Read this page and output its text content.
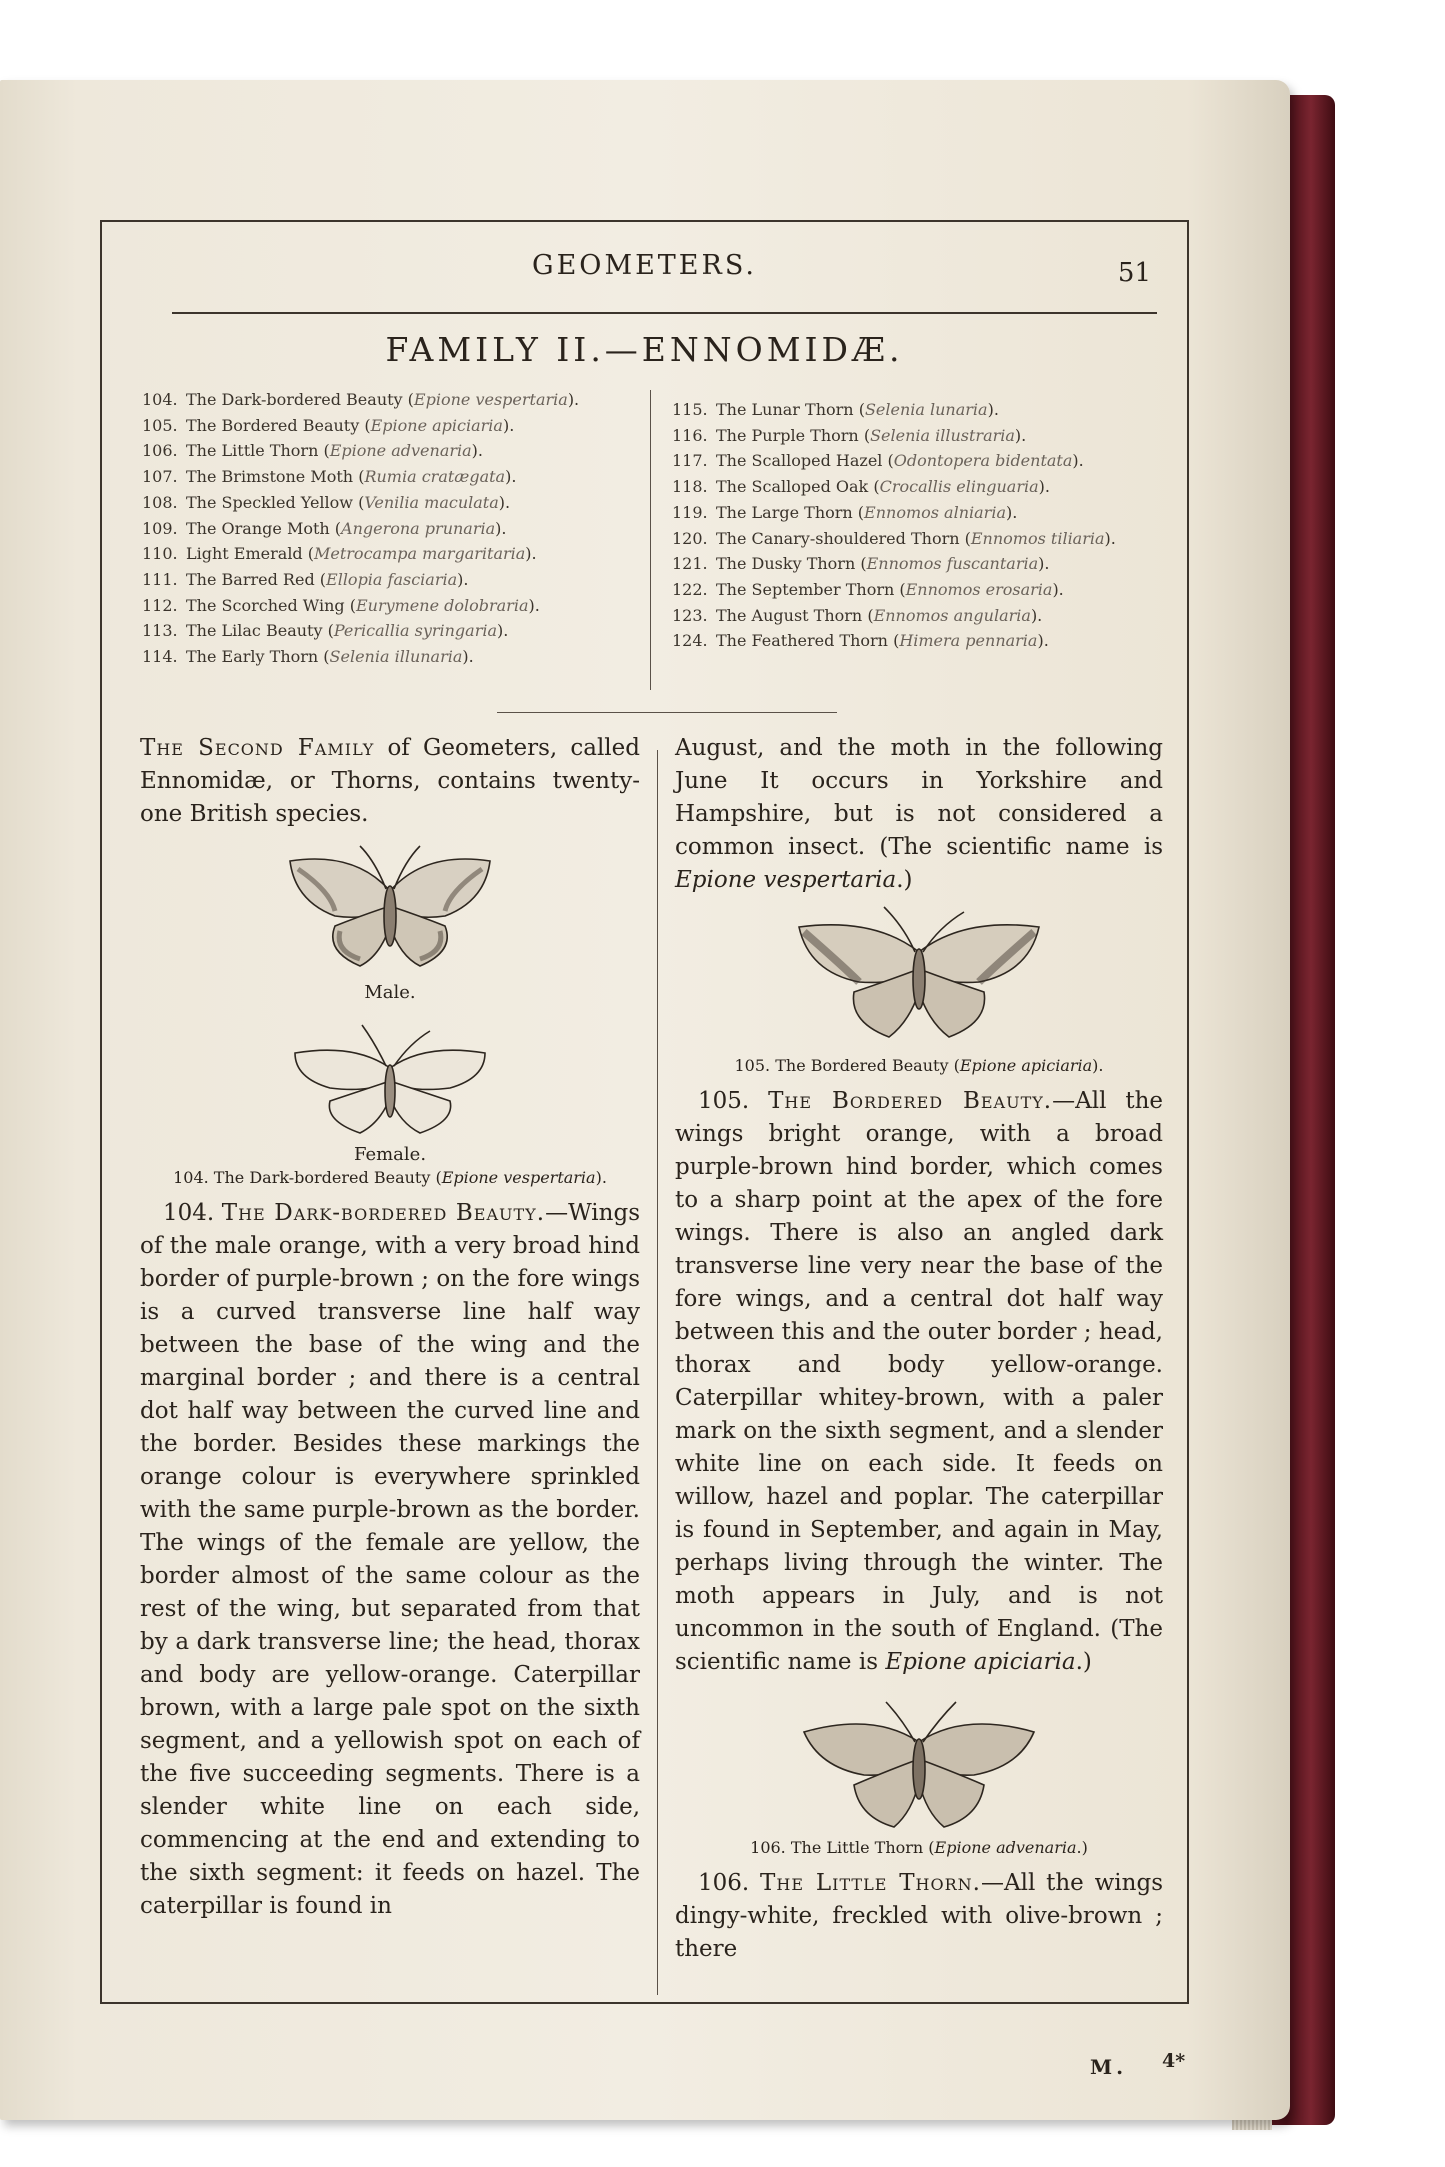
GEOMETERS.	51
FAMILY II.—ENNOMIDÆ.
104. The Dark-bordered Beauty (Epione vespertaria).
105. The Bordered Beauty (Epione apiciaria).
106. The Little Thorn (Epione advenaria).
107. The Brimstone Moth (Rumia cratægata).
108. The Speckled Yellow (Venilia maculata).
109. The Orange Moth (Angerona prunaria).
110. Light Emerald (Metrocampa margaritaria).
111. The Barred Red (Ellopia fasciaria).
112. The Scorched Wing (Eurymene dolobraria).
113. The Lilac Beauty (Pericallia syringaria).
114. The Early Thorn (Selenia illunaria).
115. The Lunar Thorn (Selenia lunaria).
116. The Purple Thorn (Selenia illustraria).
117. The Scalloped Hazel (Odontopera bidentata).
118. The Scalloped Oak (Crocallis elinguaria).
119. The Large Thorn (Ennomos alniaria).
120. The Canary-shouldered Thorn (Ennomos tiliaria).
121. The Dusky Thorn (Ennomos fuscantaria).
122. The September Thorn (Ennomos erosaria).
123. The August Thorn (Ennomos angularia).
124. The Feathered Thorn (Himera pennaria).

The Second Family of Geometers, called Ennomidæ, or Thorns, contains twenty-one British species.

Male.
Female.
104. The Dark-bordered Beauty (Epione vespertaria).

 104. The Dark-bordered Beauty.—Wings of the male orange, with a very broad hind border of purple-brown ; on the fore wings is a curved transverse line half way between the base of the wing and the marginal border ; and there is a central dot half way between the curved line and the border. Besides these markings the orange colour is everywhere sprinkled with the same purple-brown as the border. The wings of the female are yellow, the border almost of the same colour as the rest of the wing, but separated from that by a dark transverse line; the head, thorax and body are yellow-orange. Caterpillar brown, with a large pale spot on the sixth segment, and a yellowish spot on each of the five succeeding segments. There is a slender white line on each side, commencing at the end and extending to the sixth segment: it feeds on hazel. The caterpillar is found in

August, and the moth in the following June It occurs in Yorkshire and Hampshire, but is not considered a common insect. (The scientific name is Epione vespertaria.)

105. The Bordered Beauty (Epione apiciaria).

 105. The Bordered Beauty.—All the wings bright orange, with a broad purple-brown hind border, which comes to a sharp point at the apex of the fore wings. There is also an angled dark transverse line very near the base of the fore wings, and a central dot half way between this and the outer border ; head, thorax and body yellow-orange. Caterpillar whitey-brown, with a paler mark on the sixth segment, and a slender white line on each side. It feeds on willow, hazel and poplar. The caterpillar is found in September, and again in May, perhaps living through the winter. The moth appears in July, and is not uncommon in the south of England. (The scientific name is Epione apiciaria.)

106. The Little Thorn (Epione advenaria.)

 106. The Little Thorn.—All the wings dingy-white, freckled with olive-brown ; there

M. 4*
